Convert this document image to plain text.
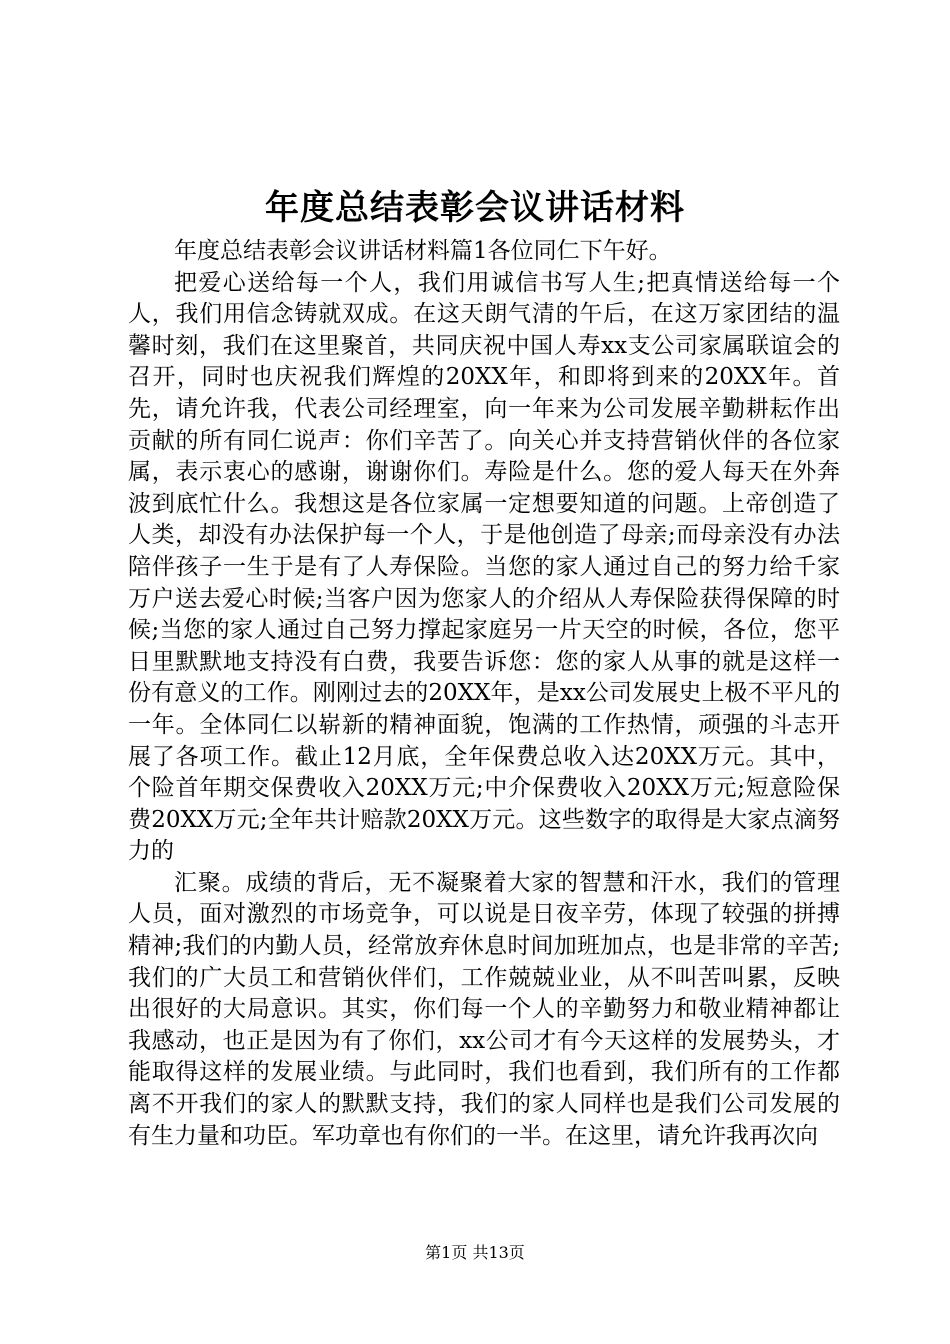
年度总结表彰会议讲话材料

年度总结表彰会议讲话材料篇1各位同仁下午好。

把爱心送给每一个人，我们用诚信书写人生;把真情送给每一个人，我们用信念铸就双成。在这天朗气清的午后，在这万家团结的温馨时刻，我们在这里聚首，共同庆祝中国人寿xx支公司家属联谊会的召开，同时也庆祝我们辉煌的20XX年，和即将到来的20XX年。首先，请允许我，代表公司经理室，向一年来为公司发展辛勤耕耘作出贡献的所有同仁说声：你们辛苦了。向关心并支持营销伙伴的各位家属，表示衷心的感谢，谢谢你们。寿险是什么。您的爱人每天在外奔波到底忙什么。我想这是各位家属一定想要知道的问题。上帝创造了人类，却没有办法保护每一个人，于是他创造了母亲;而母亲没有办法陪伴孩子一生于是有了人寿保险。当您的家人通过自己的努力给千家万户送去爱心时候;当客户因为您家人的介绍从人寿保险获得保障的时候;当您的家人通过自己努力撑起家庭另一片天空的时候，各位，您平日里默默地支持没有白费，我要告诉您：您的家人从事的就是这样一份有意义的工作。刚刚过去的20XX年，是xx公司发展史上极不平凡的一年。全体同仁以崭新的精神面貌，饱满的工作热情，顽强的斗志开展了各项工作。截止12月底，全年保费总收入达20XX万元。其中，个险首年期交保费收入20XX万元;中介保费收入20XX万元;短意险保费20XX万元;全年共计赔款20XX万元。这些数字的取得是大家点滴努力的

汇聚。成绩的背后，无不凝聚着大家的智慧和汗水，我们的管理人员，面对激烈的市场竞争，可以说是日夜辛劳，体现了较强的拼搏精神;我们的内勤人员，经常放弃休息时间加班加点，也是非常的辛苦;我们的广大员工和营销伙伴们，工作兢兢业业，从不叫苦叫累，反映出很好的大局意识。其实，你们每一个人的辛勤努力和敬业精神都让我感动，也正是因为有了你们，xx公司才有今天这样的发展势头，才能取得这样的发展业绩。与此同时，我们也看到，我们所有的工作都离不开我们的家人的默默支持，我们的家人同样也是我们公司发展的有生力量和功臣。军功章也有你们的一半。在这里，请允许我再次向

第1页 共13页
